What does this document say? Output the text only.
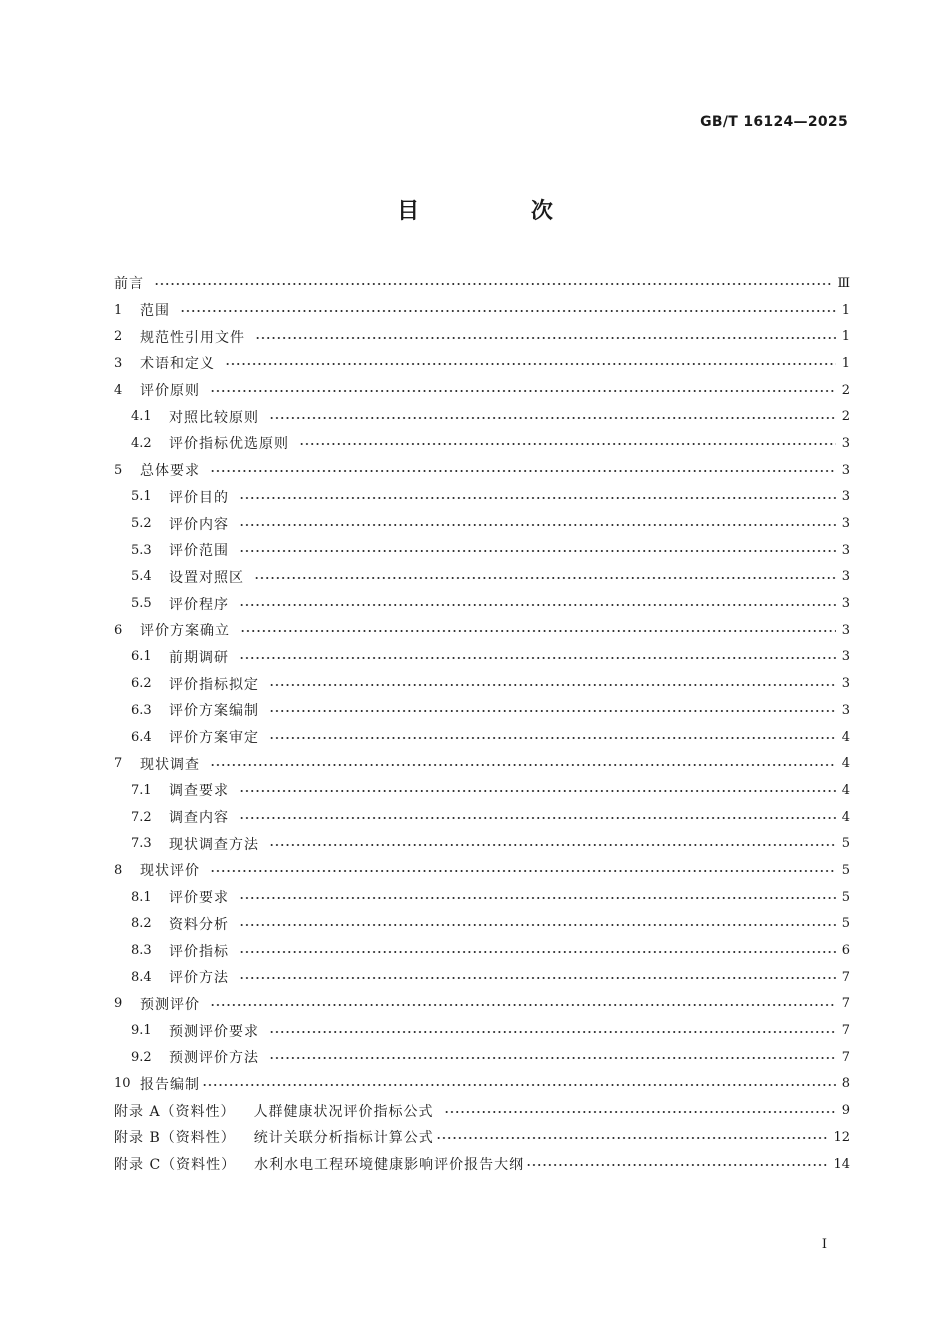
GB/T 16124—2025
目 次
前言	Ⅲ
1	范围	1
2	规范性引用文件	1
3	术语和定义	1
4	评价原则	2
4.1	对照比较原则	2
4.2	评价指标优选原则	3
5	总体要求	3
5.1	评价目的	3
5.2	评价内容	3
5.3	评价范围	3
5.4	设置对照区	3
5.5	评价程序	3
6	评价方案确立	3
6.1	前期调研	3
6.2	评价指标拟定	3
6.3	评价方案编制	3
6.4	评价方案审定	4
7	现状调查	4
7.1	调查要求	4
7.2	调查内容	4
7.3	现状调查方法	5
8	现状评价	5
8.1	评价要求	5
8.2	资料分析	5
8.3	评价指标	6
8.4	评价方法	7
9	预测评价	7
9.1	预测评价要求	7
9.2	预测评价方法	7
10 报告编制	8
附录 A（资料性） 人群健康状况评价指标公式	9
附录 B（资料性） 统计关联分析指标计算公式	12
附录 C（资料性） 水利水电工程环境健康影响评价报告大纲	14
I
